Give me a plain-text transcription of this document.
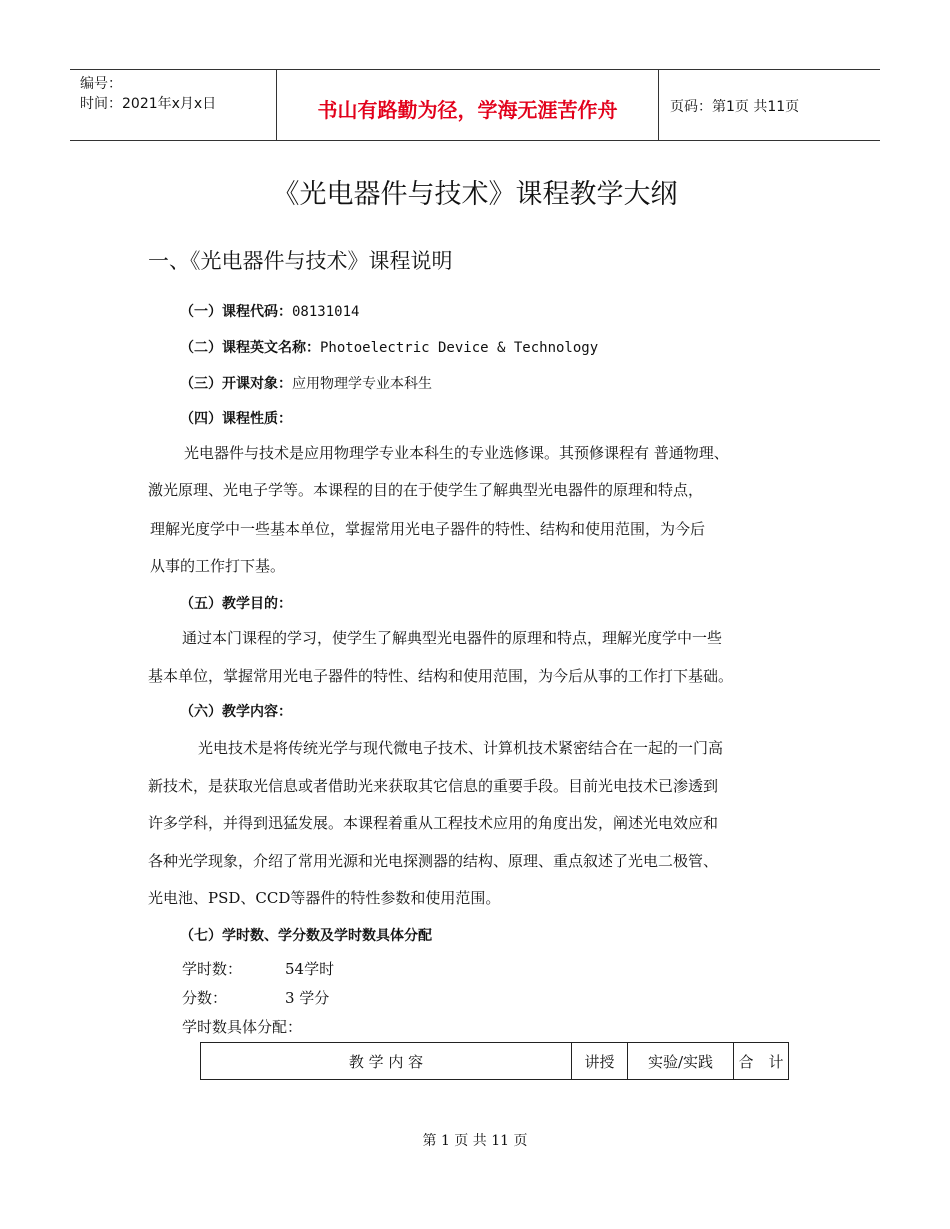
编号：
时间：2021年x月x日	书山有路勤为径，学海无涯苦作舟	页码：第1页 共11页
《光电器件与技术》课程教学大纲
一、《光电器件与技术》课程说明
（一）课程代码：08131014
（二）课程英文名称：Photoelectric Device & Technology
（三）开课对象：应用物理学专业本科生
（四）课程性质：
光电器件与技术是应用物理学专业本科生的专业选修课。其预修课程有 普通物理、
激光原理、光电子学等。本课程的目的在于使学生了解典型光电器件的原理和特点，
理解光度学中一些基本单位，掌握常用光电子器件的特性、结构和使用范围，为今后
从事的工作打下基。
（五）教学目的：
通过本门课程的学习，使学生了解典型光电器件的原理和特点，理解光度学中一些
基本单位，掌握常用光电子器件的特性、结构和使用范围，为今后从事的工作打下基础。
（六）教学内容：
光电技术是将传统光学与现代微电子技术、计算机技术紧密结合在一起的一门高
新技术，是获取光信息或者借助光来获取其它信息的重要手段。目前光电技术已渗透到
许多学科，并得到迅猛发展。本课程着重从工程技术应用的角度出发，阐述光电效应和
各种光学现象，介绍了常用光源和光电探测器的结构、原理、重点叙述了光电二极管、
光电池、PSD、CCD等器件的特性参数和使用范围。
（七）学时数、学分数及学时数具体分配
学时数：	54学时
分数：	3 学分
学时数具体分配：
教 学 内 容	讲授	实验/实践	合　计
第 1 页 共 11 页
